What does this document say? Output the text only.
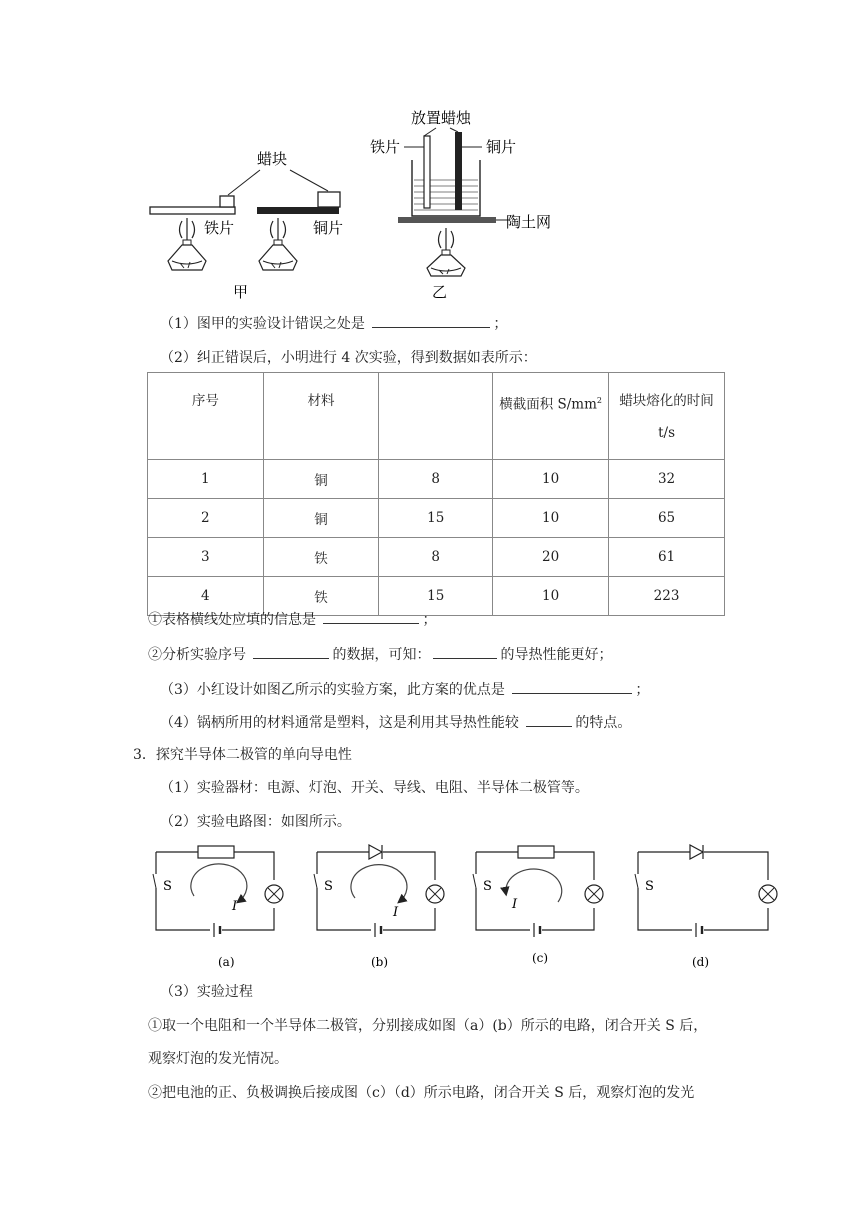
蜡块
铁片	铜片
甲
放置蜡烛
铁片	铜片
陶土网
乙
（1）图甲的实验设计错误之处是	；
（2）纠正错误后，小明进行 4 次实验，得到数据如表所示：
序号	材料		横截面积 $S/mm^2$	蜡块熔化的时间
t/s
1	铜	8	10	32
2	铜	15	10	65
3	铁	8	20	61
4	铁	15	10	223
①表格横线处应填的信息是	；
②分析实验序号	的数据，可知：	的导热性能更好；
（3）小红设计如图乙所示的实验方案，此方案的优点是	；
（4）锅柄所用的材料通常是塑料，这是利用其导热性能较	的特点。
3．探究半导体二极管的单向导电性
（1）实验器材：电源、灯泡、开关、导线、电阻、半导体二极管等。
（2）实验电路图：如图所示。
S
I
(a)
S
I
(b)
S
I
(c)
S
(d)
（3）实验过程
①取一个电阻和一个半导体二极管，分别接成如图（a）(b）所示的电路，闭合开关 S 后，
观察灯泡的发光情况。
②把电池的正、负极调换后接成图（c）（d）所示电路，闭合开关 S 后，观察灯泡的发光
